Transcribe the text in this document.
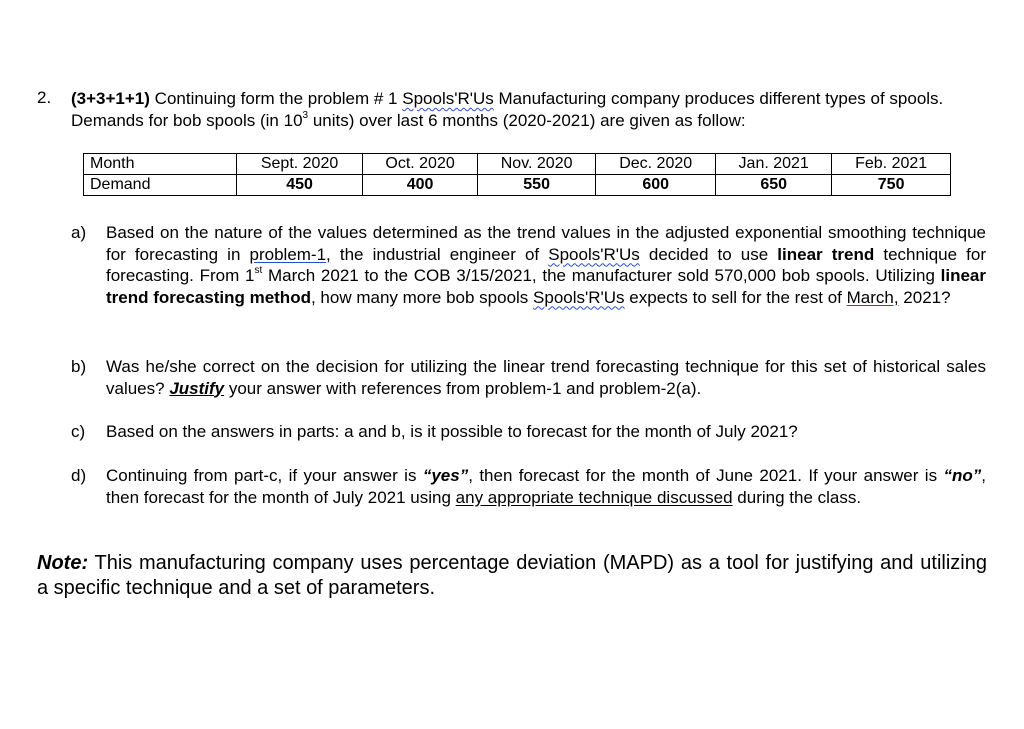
2. (3+3+1+1) Continuing form the problem # 1 Spools'R'Us Manufacturing company produces different types of spools. Demands for bob spools (in $10^3$ units) over last 6 months (2020-2021) are given as follow:
Month	Sept. 2020	Oct. 2020	Nov. 2020	Dec. 2020	Jan. 2021	Feb. 2021
Demand	450	400	550	600	650	750
a) Based on the nature of the values determined as the trend values in the adjusted exponential smoothing technique for forecasting in problem-1, the industrial engineer of Spools'R'Us decided to use linear trend technique for forecasting. From 1st March 2021 to the COB 3/15/2021, the manufacturer sold 570,000 bob spools. Utilizing linear trend forecasting method, how many more bob spools Spools'R'Us expects to sell for the rest of March, 2021?
b) Was he/she correct on the decision for utilizing the linear trend forecasting technique for this set of historical sales values? Justify your answer with references from problem-1 and problem-2(a).
c) Based on the answers in parts: a and b, is it possible to forecast for the month of July 2021?
d) Continuing from part-c, if your answer is “yes”, then forecast for the month of June 2021. If your answer is “no”, then forecast for the month of July 2021 using any appropriate technique discussed during the class.
Note: This manufacturing company uses percentage deviation (MAPD) as a tool for justifying and utilizing a specific technique and a set of parameters.
